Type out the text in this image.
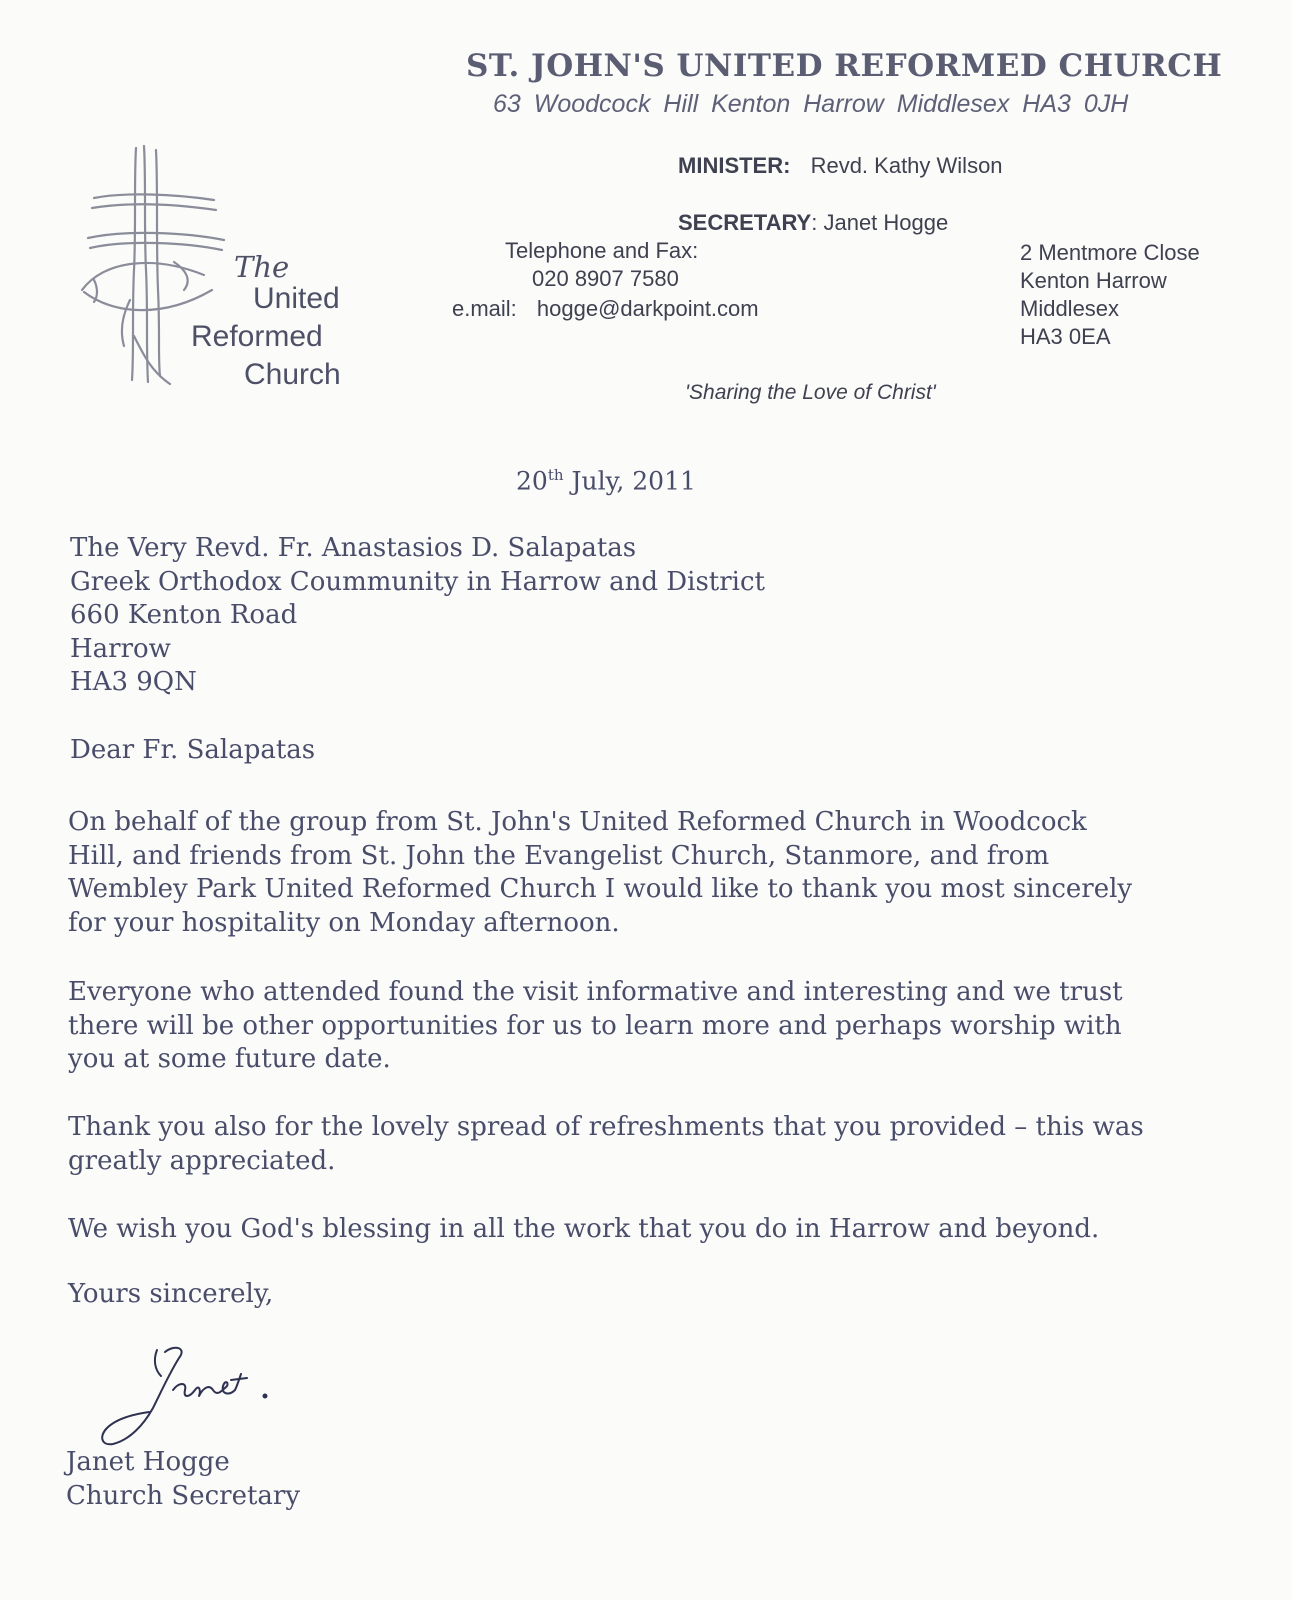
ST. JOHN'S UNITED REFORMED CHURCH
63 Woodcock Hill Kenton Harrow Middlesex HA3 0JH
MINISTER: Revd. Kathy Wilson
SECRETARY: Janet Hogge
Telephone and Fax:
020 8907 7580
e.mail: hogge@darkpoint.com
2 Mentmore Close
Kenton Harrow
Middlesex
HA3 0EA
'Sharing the Love of Christ'
The
United
Reformed
Church
20th July, 2011
The Very Revd. Fr. Anastasios D. Salapatas
Greek Orthodox Coummunity in Harrow and District
660 Kenton Road
Harrow
HA3 9QN
Dear Fr. Salapatas
On behalf of the group from St. John's United Reformed Church in Woodcock
Hill, and friends from St. John the Evangelist Church, Stanmore, and from
Wembley Park United Reformed Church I would like to thank you most sincerely
for your hospitality on Monday afternoon.
Everyone who attended found the visit informative and interesting and we trust
there will be other opportunities for us to learn more and perhaps worship with
you at some future date.
Thank you also for the lovely spread of refreshments that you provided – this was
greatly appreciated.
We wish you God's blessing in all the work that you do in Harrow and beyond.
Yours sincerely,
Janet Hogge
Church Secretary
